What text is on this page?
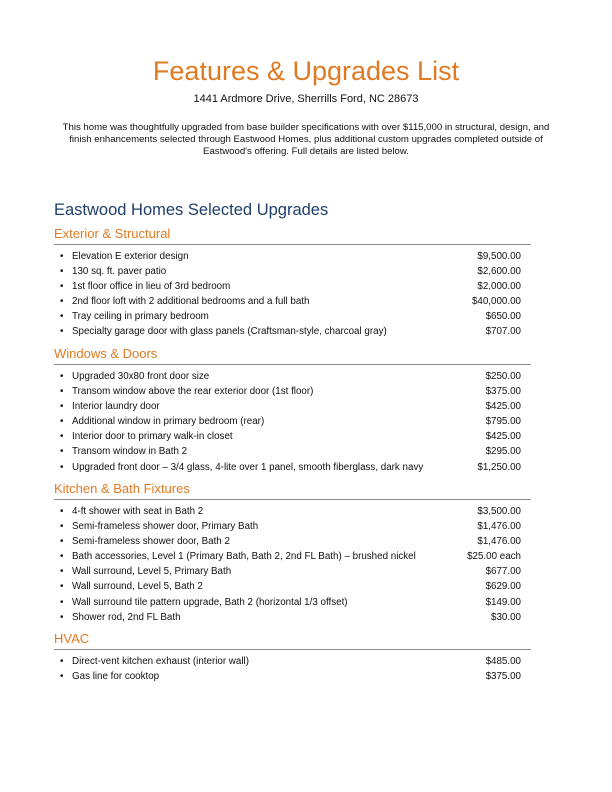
Features & Upgrades List
1441 Ardmore Drive, Sherrills Ford, NC 28673
This home was thoughtfully upgraded from base builder specifications with over $115,000 in structural, design, and finish enhancements selected through Eastwood Homes, plus additional custom upgrades completed outside of Eastwood's offering. Full details are listed below.
Eastwood Homes Selected Upgrades
Exterior & Structural
• Elevation E exterior design	$9,500.00
• 130 sq. ft. paver patio	$2,600.00
• 1st floor office in lieu of 3rd bedroom	$2,000.00
• 2nd floor loft with 2 additional bedrooms and a full bath	$40,000.00
• Tray ceiling in primary bedroom	$650.00
• Specialty garage door with glass panels (Craftsman-style, charcoal gray)	$707.00
Windows & Doors
• Upgraded 30x80 front door size	$250.00
• Transom window above the rear exterior door (1st floor)	$375.00
• Interior laundry door	$425.00
• Additional window in primary bedroom (rear)	$795.00
• Interior door to primary walk-in closet	$425.00
• Transom window in Bath 2	$295.00
• Upgraded front door – 3/4 glass, 4-lite over 1 panel, smooth fiberglass, dark navy	$1,250.00
Kitchen & Bath Fixtures
• 4-ft shower with seat in Bath 2	$3,500.00
• Semi-frameless shower door, Primary Bath	$1,476.00
• Semi-frameless shower door, Bath 2	$1,476.00
• Bath accessories, Level 1 (Primary Bath, Bath 2, 2nd FL Bath) – brushed nickel	$25.00 each
• Wall surround, Level 5, Primary Bath	$677.00
• Wall surround, Level 5, Bath 2	$629.00
• Wall surround tile pattern upgrade, Bath 2 (horizontal 1/3 offset)	$149.00
• Shower rod, 2nd FL Bath	$30.00
HVAC
• Direct-vent kitchen exhaust (interior wall)	$485.00
• Gas line for cooktop	$375.00
